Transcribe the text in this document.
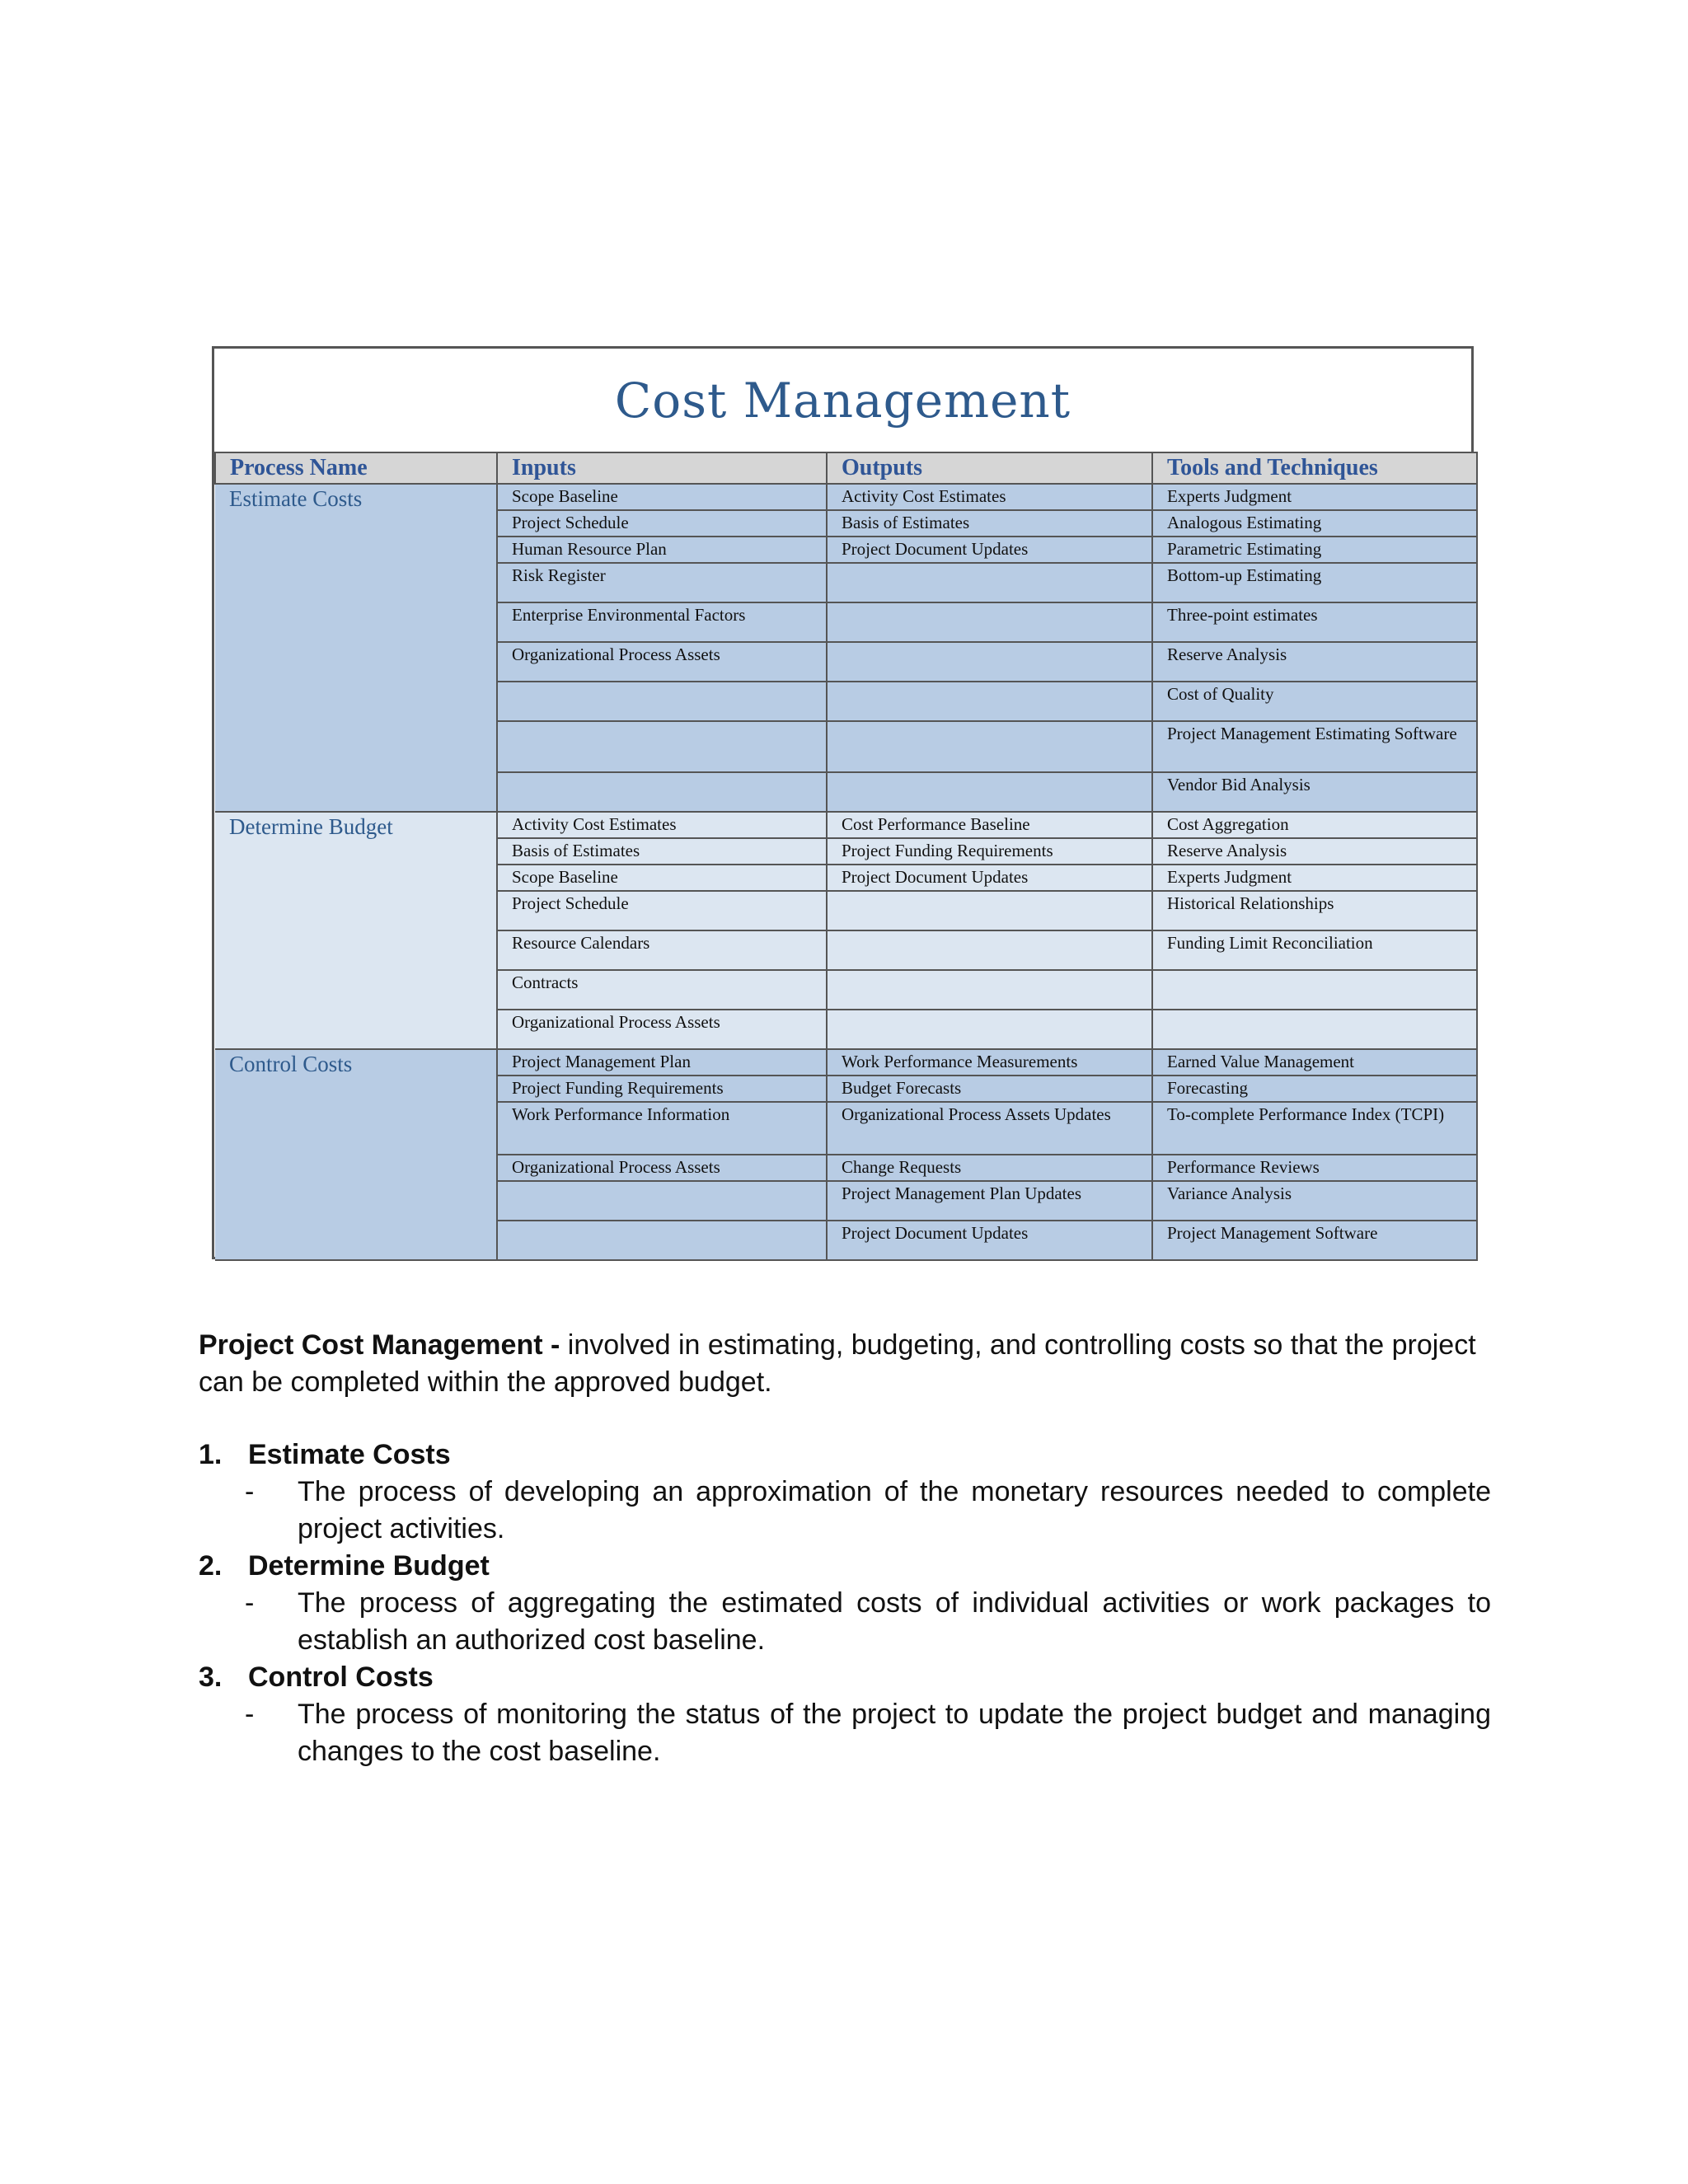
Cost Management
Process Name	Inputs	Outputs	Tools and Techniques
Estimate Costs	Scope Baseline	Activity Cost Estimates	Experts Judgment
	Project Schedule	Basis of Estimates	Analogous Estimating
	Human Resource Plan	Project Document Updates	Parametric Estimating
	Risk Register		Bottom-up Estimating
	Enterprise Environmental Factors		Three-point estimates
	Organizational Process Assets		Reserve Analysis
			Cost of Quality
			Project Management Estimating Software
			Vendor Bid Analysis
Determine Budget	Activity Cost Estimates	Cost Performance Baseline	Cost Aggregation
	Basis of Estimates	Project Funding Requirements	Reserve Analysis
	Scope Baseline	Project Document Updates	Experts Judgment
	Project Schedule		Historical Relationships
	Resource Calendars		Funding Limit Reconciliation
	Contracts		
	Organizational Process Assets		
Control Costs	Project Management Plan	Work Performance Measurements	Earned Value Management
	Project Funding Requirements	Budget Forecasts	Forecasting
	Work Performance Information	Organizational Process Assets Updates	To-complete Performance Index (TCPI)
	Organizational Process Assets	Change Requests	Performance Reviews
		Project Management Plan Updates	Variance Analysis
		Project Document Updates	Project Management Software
Project Cost Management - involved in estimating, budgeting, and controlling costs so that the project can be completed within the approved budget.
1. Estimate Costs
-	The process of developing an approximation of the monetary resources needed to complete project activities.
2. Determine Budget
-	The process of aggregating the estimated costs of individual activities or work packages to establish an authorized cost baseline.
3. Control Costs
-	The process of monitoring the status of the project to update the project budget and managing changes to the cost baseline.
